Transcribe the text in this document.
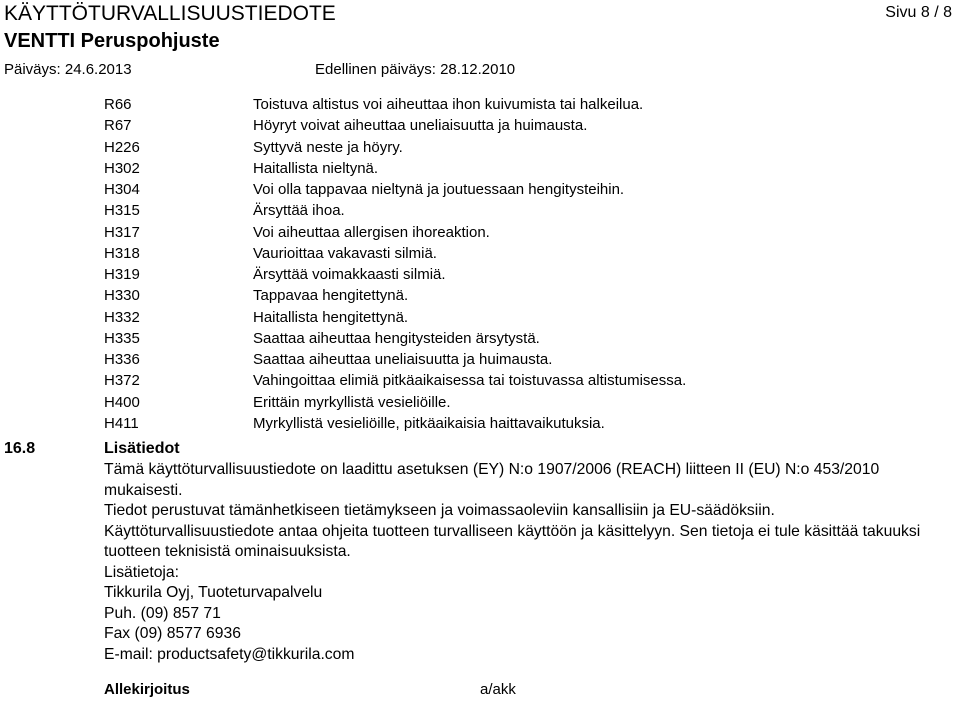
KÄYTTÖTURVALLISUUSTIEDOTE	Sivu 8 / 8
VENTTI Peruspohjuste
Päiväys: 24.6.2013	Edellinen päiväys: 28.12.2010
R66	Toistuva altistus voi aiheuttaa ihon kuivumista tai halkeilua.
R67	Höyryt voivat aiheuttaa uneliaisuutta ja huimausta.
H226	Syttyvä neste ja höyry.
H302	Haitallista nieltynä.
H304	Voi olla tappavaa nieltynä ja joutuessaan hengitysteihin.
H315	Ärsyttää ihoa.
H317	Voi aiheuttaa allergisen ihoreaktion.
H318	Vaurioittaa vakavasti silmiä.
H319	Ärsyttää voimakkaasti silmiä.
H330	Tappavaa hengitettynä.
H332	Haitallista hengitettynä.
H335	Saattaa aiheuttaa hengitysteiden ärsytystä.
H336	Saattaa aiheuttaa uneliaisuutta ja huimausta.
H372	Vahingoittaa elimiä pitkäaikaisessa tai toistuvassa altistumisessa.
H400	Erittäin myrkyllistä vesieliöille.
H411	Myrkyllistä vesieliöille, pitkäaikaisia haittavaikutuksia.
16.8	Lisätiedot

Tämä käyttöturvallisuustiedote on laadittu asetuksen (EY) N:o 1907/2006 (REACH) liitteen II (EU) N:o 453/2010 mukaisesti.

Tiedot perustuvat tämänhetkiseen tietämykseen ja voimassaoleviin kansallisiin ja EU-säädöksiin.

Käyttöturvallisuustiedote antaa ohjeita tuotteen turvalliseen käyttöön ja käsittelyyn. Sen tietoja ei tule käsittää takuuksi tuotteen teknisistä ominaisuuksista.

Lisätietoja:

Tikkurila Oyj, Tuoteturvapalvelu

Puh. (09) 857 71

Fax (09) 8577 6936

E-mail: productsafety@tikkurila.com

Allekirjoitus	a/akk
